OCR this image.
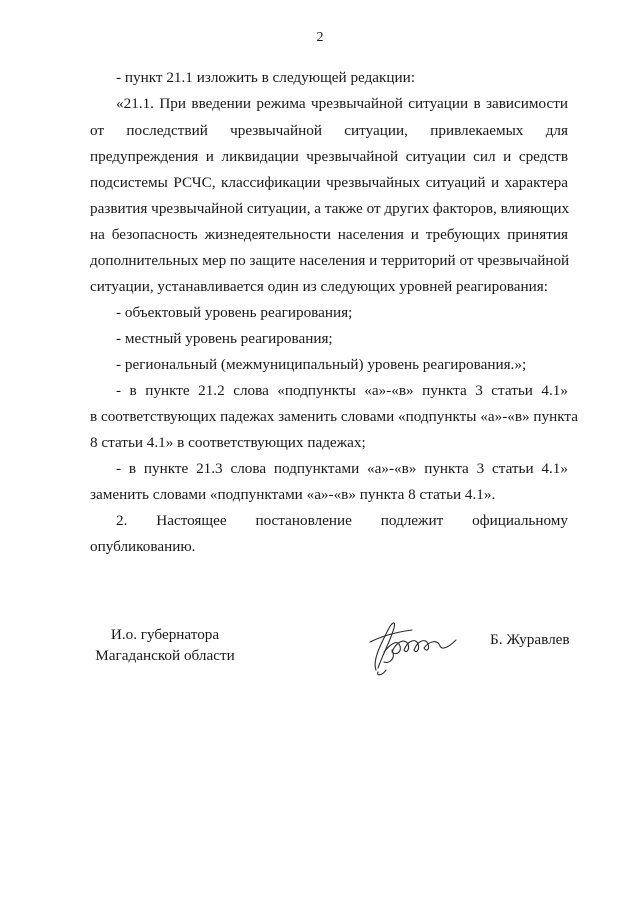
2
- пункт 21.1 изложить в следующей редакции:
«21.1. При введении режима чрезвычайной ситуации в зависимости
от последствий чрезвычайной ситуации, привлекаемых для
предупреждения и ликвидации чрезвычайной ситуации сил и средств
подсистемы РСЧС, классификации чрезвычайных ситуаций и характера
развития чрезвычайной ситуации, а также от других факторов, влияющих
на безопасность жизнедеятельности населения и требующих принятия
дополнительных мер по защите населения и территорий от чрезвычайной
ситуации, устанавливается один из следующих уровней реагирования:
- объектовый уровень реагирования;
- местный уровень реагирования;
- региональный (межмуниципальный) уровень реагирования.»;
- в пункте 21.2 слова «подпункты «а»-«в» пункта 3 статьи 4.1»
в соответствующих падежах заменить словами «подпункты «а»-«в» пункта
8 статьи 4.1» в соответствующих падежах;
- в пункте 21.3 слова подпунктами «а»-«в» пункта 3 статьи 4.1»
заменить словами «подпунктами «а»-«в» пункта 8 статьи 4.1».
2. Настоящее постановление подлежит официальному
опубликованию.
И.о. губернатора
Магаданской области
Б. Журавлев
